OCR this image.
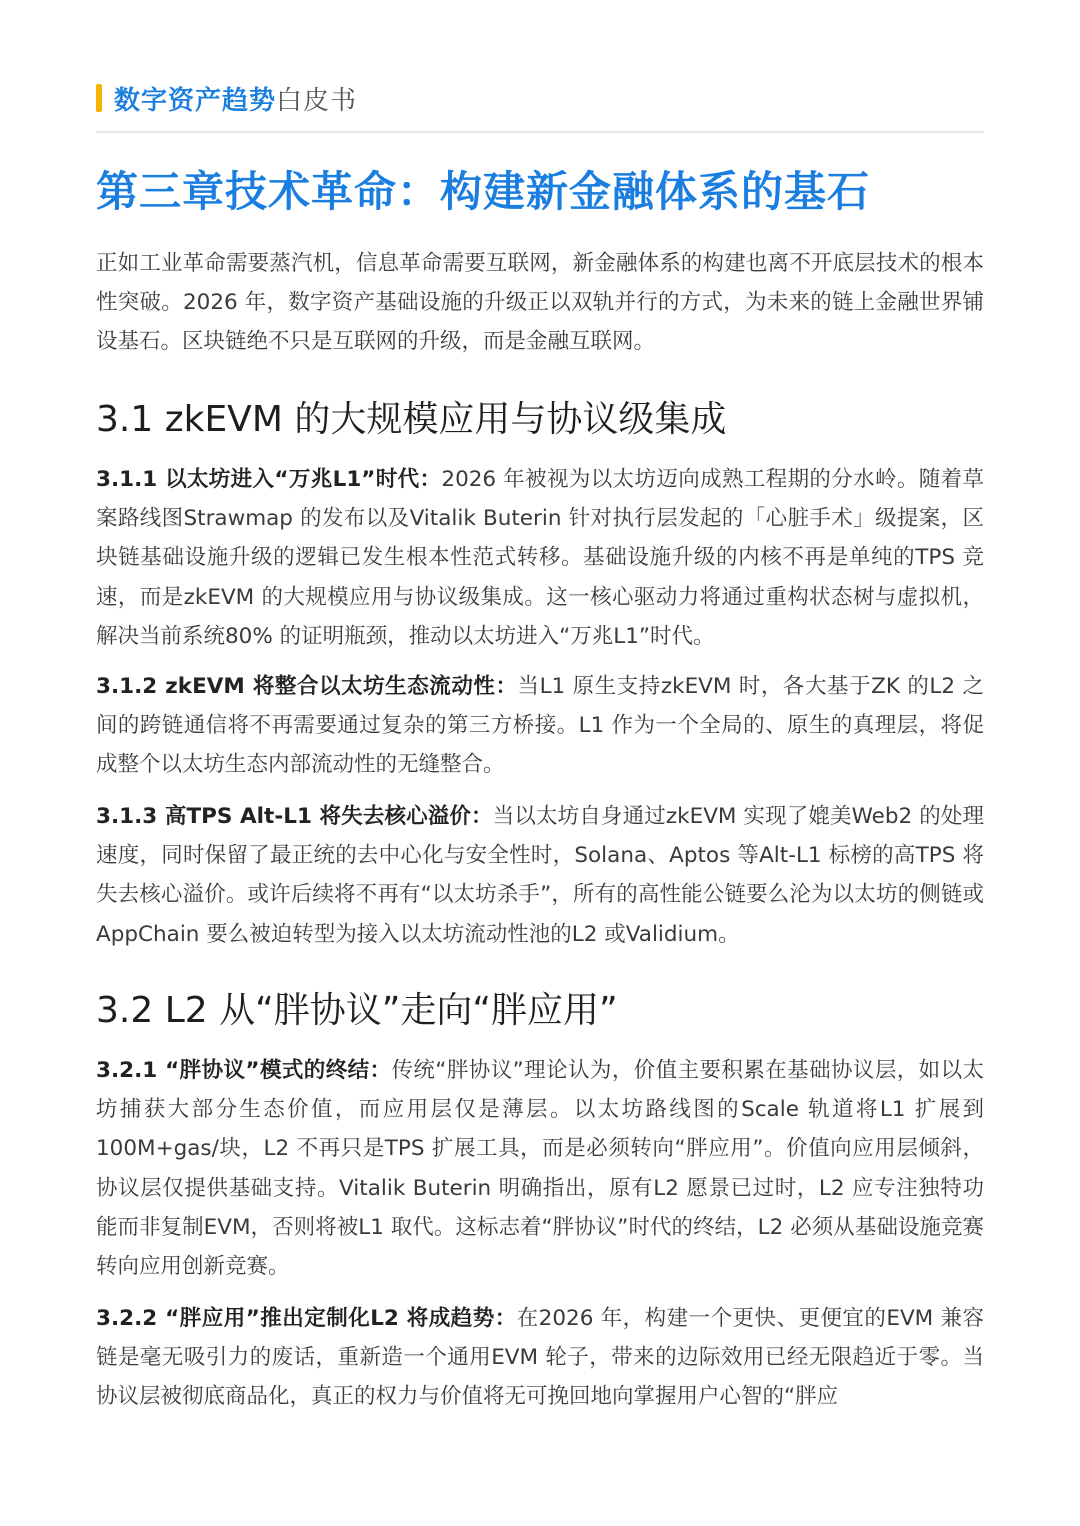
数字资产趋势白皮书
第三章技术革命：构建新金融体系的基石

正如工业革命需要蒸汽机，信息革命需要互联网，新金融体系的构建也离不开底层技术的根本性突破。2026 年，数字资产基础设施的升级正以双轨并行的方式，为未来的链上金融世界铺设基石。区块链绝不只是互联网的升级，而是金融互联网。

3.1 zkEVM 的大规模应用与协议级集成

3.1.1 以太坊进入“万兆L1”时代：2026 年被视为以太坊迈向成熟工程期的分水岭。随着草案路线图Strawmap 的发布以及Vitalik Buterin 针对执行层发起的「心脏手术」级提案，区块链基础设施升级的逻辑已发生根本性范式转移。基础设施升级的内核不再是单纯的TPS 竞速，而是zkEVM 的大规模应用与协议级集成。这一核心驱动力将通过重构状态树与虚拟机，解决当前系统80% 的证明瓶颈，推动以太坊进入“万兆L1”时代。

3.1.2 zkEVM 将整合以太坊生态流动性：当L1 原生支持zkEVM 时，各大基于ZK 的L2 之间的跨链通信将不再需要通过复杂的第三方桥接。L1 作为一个全局的、原生的真理层，将促成整个以太坊生态内部流动性的无缝整合。

3.1.3 高TPS Alt-L1 将失去核心溢价：当以太坊自身通过zkEVM 实现了媲美Web2 的处理速度，同时保留了最正统的去中心化与安全性时，Solana、Aptos 等Alt-L1 标榜的高TPS 将失去核心溢价。或许后续将不再有“以太坊杀手”，所有的高性能公链要么沦为以太坊的侧链或AppChain 要么被迫转型为接入以太坊流动性池的L2 或Validium。

3.2 L2 从“胖协议”走向“胖应用”

3.2.1 “胖协议”模式的终结：传统“胖协议”理论认为，价值主要积累在基础协议层，如以太坊捕获大部分生态价值，而应用层仅是薄层。以太坊路线图的Scale 轨道将L1 扩展到100M+gas/块，L2 不再只是TPS 扩展工具，而是必须转向“胖应用”。价值向应用层倾斜，协议层仅提供基础支持。Vitalik Buterin 明确指出，原有L2 愿景已过时，L2 应专注独特功能而非复制EVM，否则将被L1 取代。这标志着“胖协议”时代的终结，L2 必须从基础设施竞赛转向应用创新竞赛。

3.2.2 “胖应用”推出定制化L2 将成趋势：在2026 年，构建一个更快、更便宜的EVM 兼容链是毫无吸引力的废话，重新造一个通用EVM 轮子，带来的边际效用已经无限趋近于零。当协议层被彻底商品化，真正的权力与价值将无可挽回地向掌握用户心智的“胖应
